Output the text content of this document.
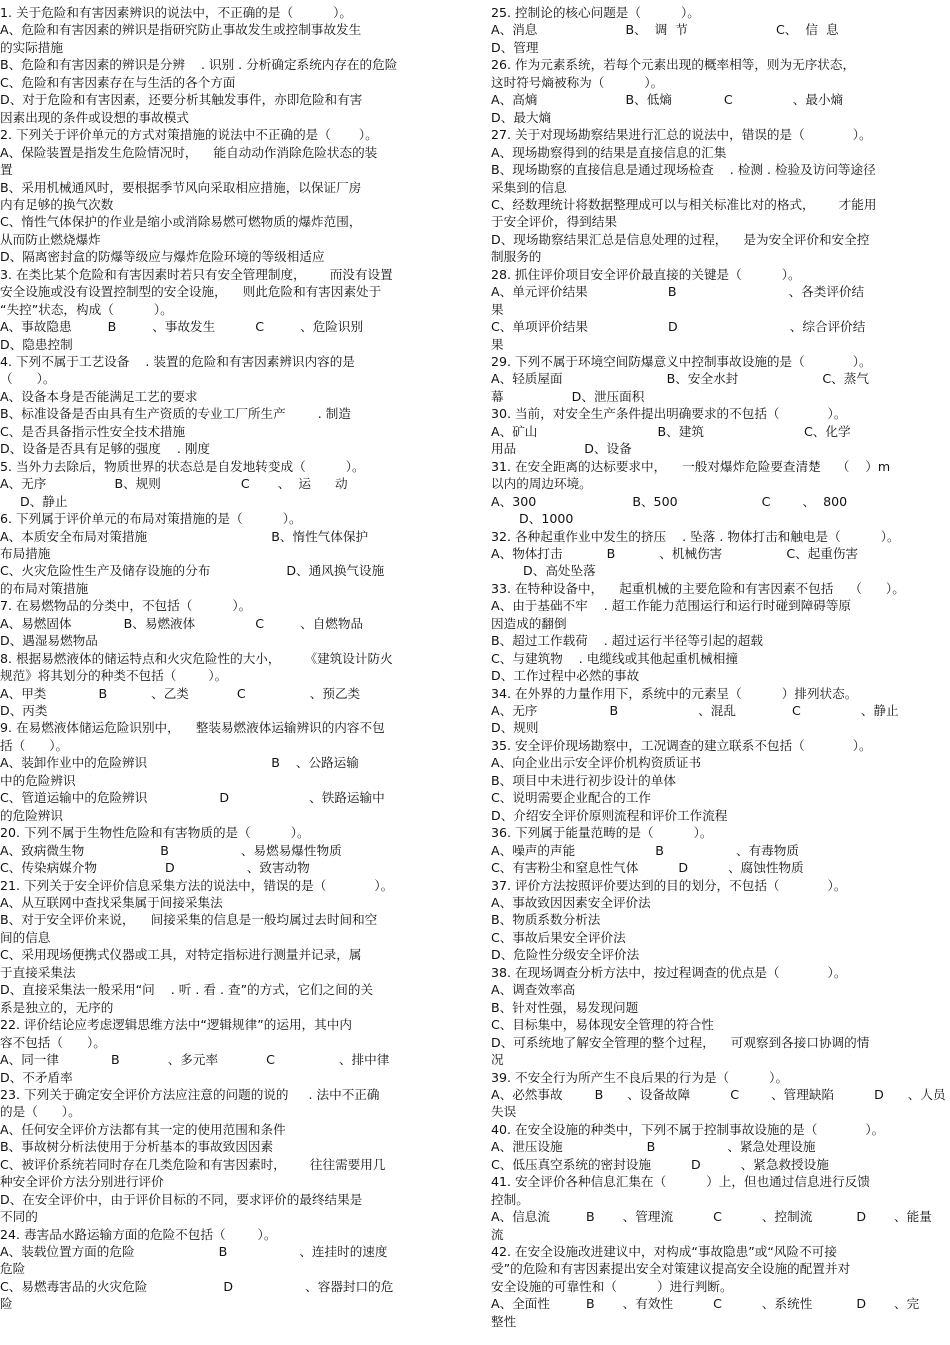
1. 关于危险和有害因素辨识的说法中，不正确的是（          ）。
A、危险和有害因素的辨识是指研究防止事故发生或控制事故发生
的实际措施
B、危险和有害因素的辨识是分辨    . 识别 . 分析确定系统内存在的危险
C、危险和有害因素存在与生活的各个方面
D、对于危险和有害因素，还要分析其触发事件，亦即危险和有害
因素出现的条件或设想的事故模式
2. 下列关于评价单元的方式对策措施的说法中不正确的是（       ）。
A、保险装置是指发生危险情况时，    能自动动作消除危险状态的装
置
B、采用机械通风时，要根据季节风向采取相应措施，以保证厂房
内有足够的换气次数
C、惰性气体保护的作业是缩小或消除易燃可燃物质的爆炸范围，
从而防止燃烧爆炸
D、隔离密封盒的防爆等级应与爆炸危险环境的等级相适应
3. 在类比某个危险和有害因素时若只有安全管理制度，      而没有设置
安全设施或没有设置控制型的安全设施，    则此危险和有害因素处于
“失控”状态，构成（          ）。
A、事故隐患         B         、事故发生          C         、危险识别
D、隐患控制
4. 下列不属于工艺设备    . 装置的危险和有害因素辨识内容的是
（      ）。
A、设备本身是否能满足工艺的要求
B、标准设备是否由具有生产资质的专业工厂所生产        . 制造
C、是否具备指示性安全技术措施
D、设备是否具有足够的强度    . 刚度
5. 当外力去除后，物质世界的状态总是自发地转变成（          ）。
A、无序                 B、规则                    C       、  运      动
D、静止
6. 下列属于评价单元的布局对策措施的是（          ）。
A、本质安全布局对策措施                               B、惰性气体保护
布局措施
C、火灾危险性生产及储存设施的分布                   D、通风换气设施
的布局对策措施
7. 在易燃物品的分类中，不包括（          ）。
A、易燃固体             B、易燃液体               C         、自燃物品
D、遇湿易燃物品
8. 根据易燃液体的储运特点和火灾危险性的大小，      《建筑设计防火
规范》将其划分的种类不包括（        ）。
A、甲类             B           、乙类            C                、预乙类
D、丙类
9. 在易燃液体储运危险识别中，    整装易燃液体运输辨识的内容不包
括（      ）。
A、装卸作业中的危险辨识                               B    、公路运输
中的危险辨识
C、管道运输中的危险辨识                  D                    、铁路运输中
的危险辨识
20. 下列不属于生物性危险和有害物质的是（          ）。
A、致病微生物                   B                  、易燃易爆性物质
C、传染病媒介物                 D                  、致害动物
21. 下列关于安全评价信息采集方法的说法中，错误的是（            ）。
A、从互联网中查找采集属于间接采集法
B、对于安全评价来说，    间接采集的信息是一般均属过去时间和空
间的信息
C、采用现场便携式仪器或工具，对特定指标进行测量并记录，属
于直接采集法
D、直接采集法一般采用“问    . 听 . 看 . 查”的方式，它们之间的关
系是独立的，无序的
22. 评价结论应考虑逻辑思维方法中“逻辑规律”的运用，其中内
容不包括（      ）。
A、同一律             B            、多元率            C                、排中律
D、不矛盾率
23. 下列关于确定安全评价方法应注意的问题的说的     . 法中不正确
的是（      ）。
A、任何安全评价方法都有其一定的使用范围和条件
B、事故树分析法使用于分析基本的事故致因因素
C、被评价系统若同时存在几类危险和有害因素时，      往往需要用几
种安全评价方法分别进行评价
D、在安全评价中，由于评价目标的不同，要求评价的最终结果是
不同的
24. 毒害品水路运输方面的危险不包括（        ）。
A、装载位置方面的危险                     B                  、连挂时的速度
危险
C、易燃毒害品的火灾危险                   D                  、容器封口的危
险
25. 控制论的核心问题是（          ）。
A、消息                      B、  调  节                      C、  信  息
D、管理
26. 作为元素系统，若每个元素出现的概率相等，则为无序状态，
这时符号熵被称为（          ）。
A、高熵                      B、低熵             C               、最小熵
D、最大熵
27. 关于对现场勘察结果进行汇总的说法中，错误的是（            ）。
A、现场勘察得到的结果是直接信息的汇集
B、现场勘察的直接信息是通过现场检查    . 检测 . 检验及访问等途径
采集到的信息
C、经数理统计将数据整理成可以与相关标准比对的格式，      才能用
于安全评价，得到结果
D、现场勘察结果汇总是信息处理的过程，    是为安全评价和安全控
制服务的
28. 抓住评价项目安全评价最直接的关键是（          ）。
A、单元评价结果                    B                            、各类评价结
果
C、单项评价结果                    D                            、综合评价结
果
29. 下列不属于环境空间防爆意义中控制事故设施的是（            ）。
A、轻质屋面                          B、安全水封                     C、蒸气
幕                 D、泄压面积
30. 当前，对安全生产条件提出明确要求的不包括（            ）。
A、矿山                              B、建筑                         C、化学
用品                 D、设备
31. 在安全距离的达标要求中，    一般对爆炸危险要查清楚    （    ）m
以内的周边环境。
A、300                        B、500                     C        、  800
D、1000
32. 各种起重作业中发生的挤压    . 坠落 . 物体打击和触电是（          ）。
A、物体打击           B           、机械伤害                C、起重伤害
D、高处坠落
33. 在特种设备中，    起重机械的主要危险和有害因素不包括    （      ）。
A、由于基础不牢    . 超工作能力范围运行和运行时碰到障碍等原
因造成的翻倒
B、超过工作载荷    . 超过运行半径等引起的超载
C、与建筑物    . 电缆线或其他起重机械相撞
D、工作过程中必然的事故
34. 在外界的力量作用下，系统中的元素呈（          ）排列状态。
A、无序                  B                    、混乱              C               、静止
D、规则
35. 安全评价现场勘察中，工况调查的建立联系不包括（            ）。
A、向企业出示安全评价机构资质证书
B、项目中未进行初步设计的单体
C、说明需要企业配合的工作
D、介绍安全评价原则流程和评价工作流程
36. 下列属于能量范畴的是（          ）。
A、噪声的声能                    B                  、有毒物质
C、有害粉尘和窒息性气体          D          、腐蚀性物质
37. 评价方法按照评价要达到的目的划分，不包括（            ）。
A、事故致因因素安全评价法
B、物质系数分析法
C、事故后果安全评价法
D、危险性分级安全评价法
38. 在现场调查分析方法中，按过程调查的优点是（            ）。
A、调查效率高
B、针对性强，易发现问题
C、目标集中，易体现安全管理的符合性
D、可系统地了解安全管理的整个过程，    可观察到各接口协调的情
况
39. 不安全行为所产生不良后果的行为是（          ）。
A、必然事故        B      、设备故障          C        、管理缺陷          D      、人员
失误
40. 在安全设施的种类中，下列不属于控制事故设施的是（            ）。
A、泄压设施                     B                  、紧急处理设施
C、低压真空系统的密封设施          D          、紧急救授设施
41. 安全评价各种信息汇集在（          ）上，但也通过信息进行反馈
控制。
A、信息流         B       、管理流          C          、控制流           D       、能量
流
42. 在安全设施改进建议中，对构成“事故隐患”或“风险不可接
受”的危险和有害因素提出安全对策建议提高安全设施的配置并对
安全设施的可靠性和（          ）进行判断。
A、全面性         B       、有效性          C          、系统性           D       、完
整性
